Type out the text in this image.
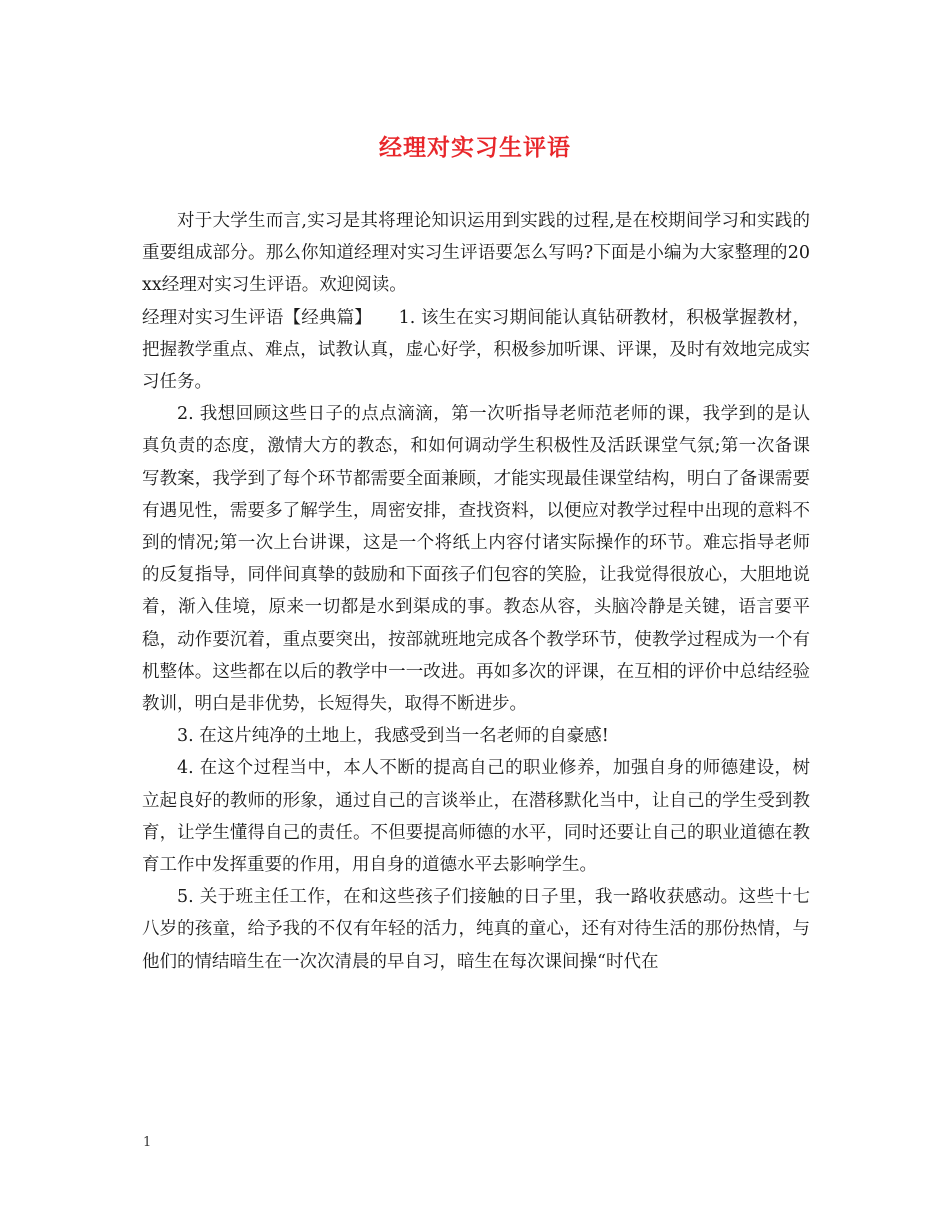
经理对实习生评语

对于大学生而言,实习是其将理论知识运用到实践的过程,是在校期间学习和实践的重要组成部分。那么你知道经理对实习生评语要怎么写吗?下面是小编为大家整理的20xx经理对实习生评语。欢迎阅读。

经理对实习生评语【经典篇】　　1. 该生在实习期间能认真钻研教材，积极掌握教材，把握教学重点、难点，试教认真，虚心好学，积极参加听课、评课，及时有效地完成实习任务。

2. 我想回顾这些日子的点点滴滴，第一次听指导老师范老师的课，我学到的是认真负责的态度，激情大方的教态，和如何调动学生积极性及活跃课堂气氛;第一次备课写教案，我学到了每个环节都需要全面兼顾，才能实现最佳课堂结构，明白了备课需要有遇见性，需要多了解学生，周密安排，查找资料，以便应对教学过程中出现的意料不到的情况;第一次上台讲课，这是一个将纸上内容付诸实际操作的环节。难忘指导老师的反复指导，同伴间真挚的鼓励和下面孩子们包容的笑脸，让我觉得很放心，大胆地说着，渐入佳境，原来一切都是水到渠成的事。教态从容，头脑冷静是关键，语言要平稳，动作要沉着，重点要突出，按部就班地完成各个教学环节，使教学过程成为一个有机整体。这些都在以后的教学中一一改进。再如多次的评课，在互相的评价中总结经验教训，明白是非优势，长短得失，取得不断进步。

3. 在这片纯净的土地上，我感受到当一名老师的自豪感!

4. 在这个过程当中，本人不断的提高自己的职业修养，加强自身的师德建设，树立起良好的教师的形象，通过自己的言谈举止，在潜移默化当中，让自己的学生受到教育，让学生懂得自己的责任。不但要提高师德的水平，同时还要让自己的职业道德在教育工作中发挥重要的作用，用自身的道德水平去影响学生。

5. 关于班主任工作，在和这些孩子们接触的日子里，我一路收获感动。这些十七八岁的孩童，给予我的不仅有年轻的活力，纯真的童心，还有对待生活的那份热情，与他们的情结暗生在一次次清晨的早自习，暗生在每次课间操“时代在

1
